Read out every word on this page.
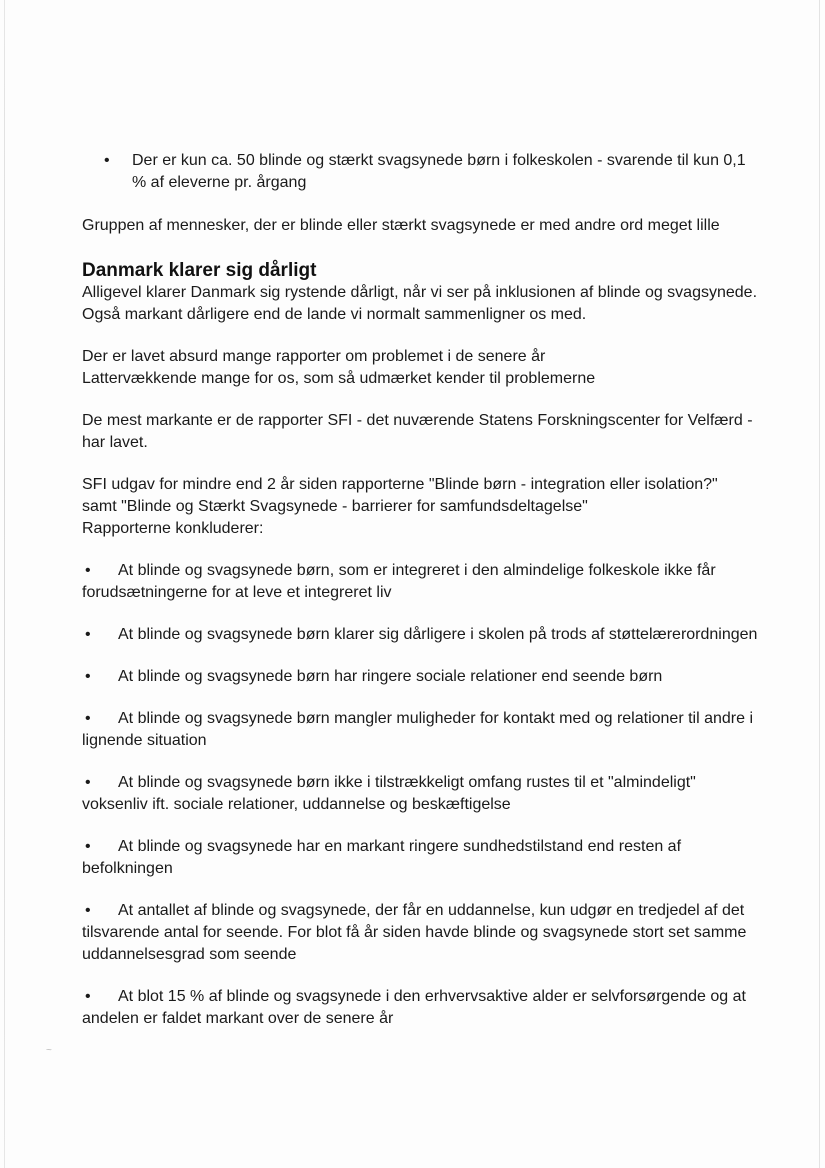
~
• Der er kun ca. 50 blinde og stærkt svagsynede børn i folkeskolen - svarende til kun 0,1 % af eleverne pr. årgang

Gruppen af mennesker, der er blinde eller stærkt svagsynede er med andre ord meget lille

Danmark klarer sig dårligt

Alligevel klarer Danmark sig rystende dårligt, når vi ser på inklusionen af blinde og svagsynede. Også markant dårligere end de lande vi normalt sammenligner os med.

Der er lavet absurd mange rapporter om problemet i de senere år

Lattervækkende mange for os, som så udmærket kender til problemerne

De mest markante er de rapporter SFI - det nuværende Statens Forskningscenter for Velfærd - har lavet.

SFI udgav for mindre end 2 år siden rapporterne "Blinde børn - integration eller isolation?"

samt "Blinde og Stærkt Svagsynede - barrierer for samfundsdeltagelse"

Rapporterne konkluderer:

• At blinde og svagsynede børn, som er integreret i den almindelige folkeskole ikke får forudsætningerne for at leve et integreret liv

• At blinde og svagsynede børn klarer sig dårligere i skolen på trods af støttelærerordningen

• At blinde og svagsynede børn har ringere sociale relationer end seende børn

• At blinde og svagsynede børn mangler muligheder for kontakt med og relationer til andre i lignende situation

• At blinde og svagsynede børn ikke i tilstrækkeligt omfang rustes til et "almindeligt" voksenliv ift. sociale relationer, uddannelse og beskæftigelse

• At blinde og svagsynede har en markant ringere sundhedstilstand end resten af befolkningen

• At antallet af blinde og svagsynede, der får en uddannelse, kun udgør en tredjedel af det tilsvarende antal for seende. For blot få år siden havde blinde og svagsynede stort set samme uddannelsesgrad som seende

• At blot 15 % af blinde og svagsynede i den erhvervsaktive alder er selvforsørgende og at andelen er faldet markant over de senere år
